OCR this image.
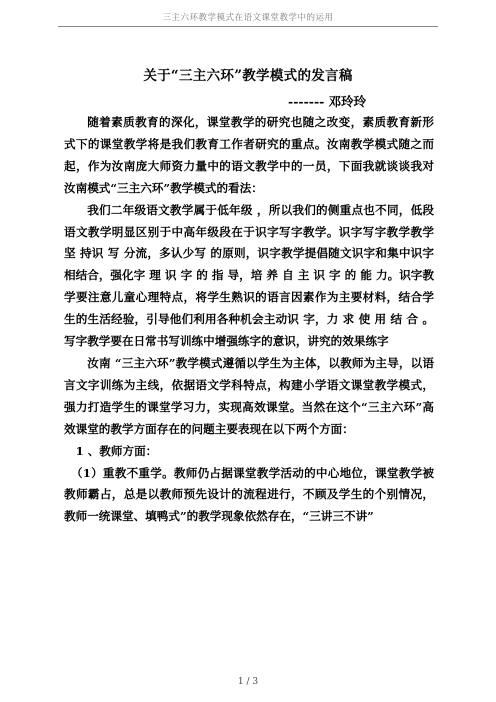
三主六环教学模式在语文课堂教学中的运用
关于“三主六环”教学模式的发言稿
------- 邓玲玲

随着素质教育的深化，课堂教学的研究也随之改变，素质教育新形式下的课堂教学将是我们教育工作者研究的重点。汝南教学模式随之而起，作为汝南庞大师资力量中的语文教学中的一员，下面我就谈谈我对汝南模式“三主六环”教学模式的看法：

我们二年级语文教学属于低年级 ，所以我们的侧重点也不同，低段语文教学明显区别于中高年级段在于识字写字教学。识字写字教学教学 坚 持识 写 分流，多认少写 的原则，识字教学提倡随文识字和集中识字相结合，强化字 理 识 字 的 指 导，培 养 自 主 识 字 的 能 力。识字教学要注意儿童心理特点，将学生熟识的语言因素作为主要材料，结合学生的生活经验，引导他们利用各种机会主动识 字，力 求 使 用 结 合 。写字教学要在日常书写训练中增强练字的意识，讲究的效果练字

汝南 “三主六环”教学模式遵循以学生为主体，以教师为主导，以语言文字训练为主线，依据语文学科特点，构建小学语文课堂教学模式，强力打造学生的课堂学习力，实现高效课堂。当然在这个“三主六环”高效课堂的教学方面存在的问题主要表现在以下两个方面：

1 、教师方面：

（1）重教不重学。教师仍占据课堂教学活动的中心地位，课堂教学被教师霸占，总是以教师预先设计的流程进行，不顾及学生的个别情况，教师一统课堂、填鸭式”的教学现象依然存在，“三讲三不讲”

1 / 3
